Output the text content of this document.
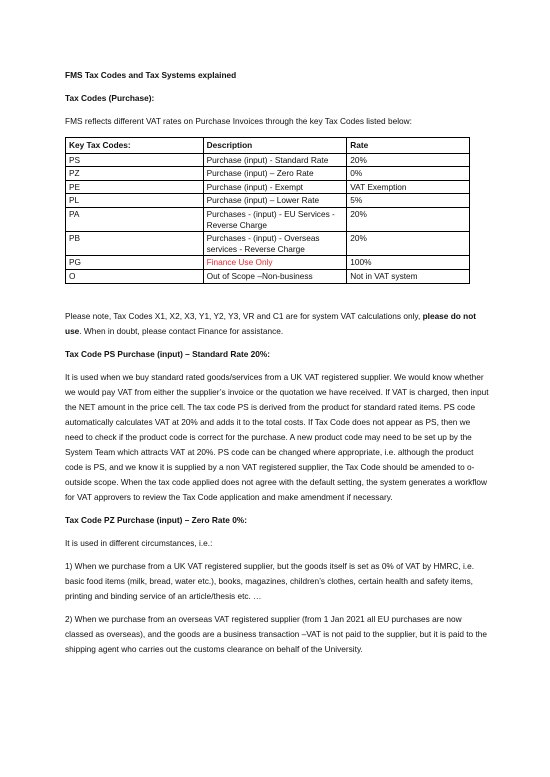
FMS Tax Codes and Tax Systems explained
Tax Codes (Purchase):
FMS reflects different VAT rates on Purchase Invoices through the key Tax Codes listed below:
Key Tax Codes:	Description	Rate
PS	Purchase (input) - Standard Rate	20%
PZ	Purchase (input) – Zero Rate	0%
PE	Purchase (input) - Exempt	VAT Exemption
PL	Purchase (input) – Lower Rate	5%
PA	Purchases - (input) - EU Services - Reverse Charge	20%
PB	Purchases - (input) - Overseas services - Reverse Charge	20%
PG	Finance Use Only	100%
O	Out of Scope –Non-business	Not in VAT system
Please note, Tax Codes X1, X2, X3, Y1, Y2, Y3, VR and C1 are for system VAT calculations only, please do not use. When in doubt, please contact Finance for assistance.
Tax Code PS Purchase (input) – Standard Rate 20%:
It is used when we buy standard rated goods/services from a UK VAT registered supplier. We would know whether we would pay VAT from either the supplier’s invoice or the quotation we have received. If VAT is charged, then input the NET amount in the price cell. The tax code PS is derived from the product for standard rated items. PS code automatically calculates VAT at 20% and adds it to the total costs. If Tax Code does not appear as PS, then we need to check if the product code is correct for the purchase. A new product code may need to be set up by the System Team which attracts VAT at 20%. PS code can be changed where appropriate, i.e. although the product code is PS, and we know it is supplied by a non VAT registered supplier, the Tax Code should be amended to o-outside scope. When the tax code applied does not agree with the default setting, the system generates a workflow for VAT approvers to review the Tax Code application and make amendment if necessary.
Tax Code PZ Purchase (input) – Zero Rate 0%:
It is used in different circumstances, i.e.:
1) When we purchase from a UK VAT registered supplier, but the goods itself is set as 0% of VAT by HMRC, i.e. basic food items (milk, bread, water etc.), books, magazines, children’s clothes, certain health and safety items, printing and binding service of an article/thesis etc. …
2) When we purchase from an overseas VAT registered supplier (from 1 Jan 2021 all EU purchases are now classed as overseas), and the goods are a business transaction –VAT is not paid to the supplier, but it is paid to the shipping agent who carries out the customs clearance on behalf of the University.
